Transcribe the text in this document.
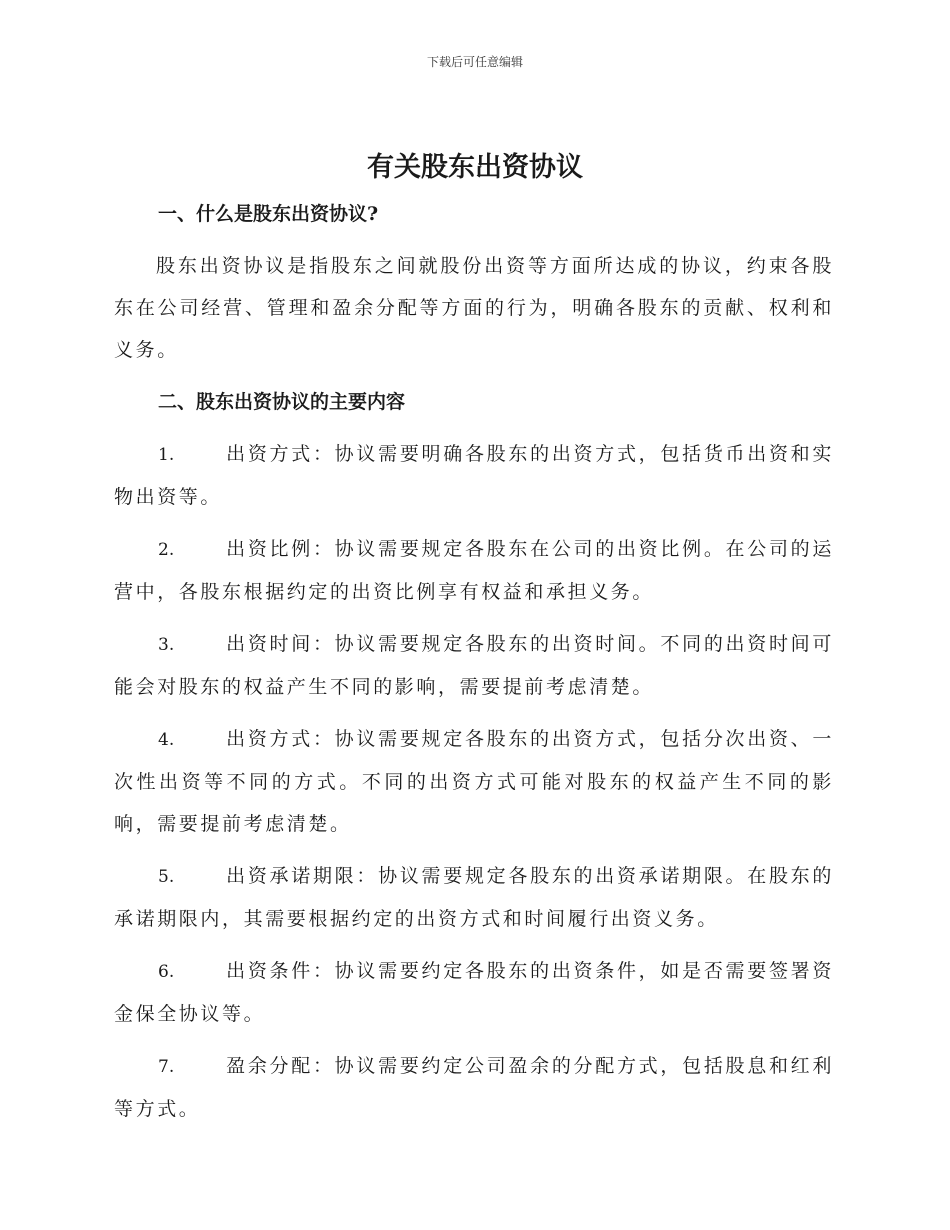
下载后可任意编辑
有关股东出资协议

一、什么是股东出资协议?

股东出资协议是指股东之间就股份出资等方面所达成的协议，约束各股东在公司经营、管理和盈余分配等方面的行为，明确各股东的贡献、权利和义务。

二、股东出资协议的主要内容

1.	出资方式：协议需要明确各股东的出资方式，包括货币出资和实物出资等。

2.	出资比例：协议需要规定各股东在公司的出资比例。在公司的运营中，各股东根据约定的出资比例享有权益和承担义务。

3.	出资时间：协议需要规定各股东的出资时间。不同的出资时间可能会对股东的权益产生不同的影响，需要提前考虑清楚。

4.	出资方式：协议需要规定各股东的出资方式，包括分次出资、一次性出资等不同的方式。不同的出资方式可能对股东的权益产生不同的影响，需要提前考虑清楚。

5.	出资承诺期限：协议需要规定各股东的出资承诺期限。在股东的承诺期限内，其需要根据约定的出资方式和时间履行出资义务。

6.	出资条件：协议需要约定各股东的出资条件，如是否需要签署资金保全协议等。

7.	盈余分配：协议需要约定公司盈余的分配方式，包括股息和红利等方式。
